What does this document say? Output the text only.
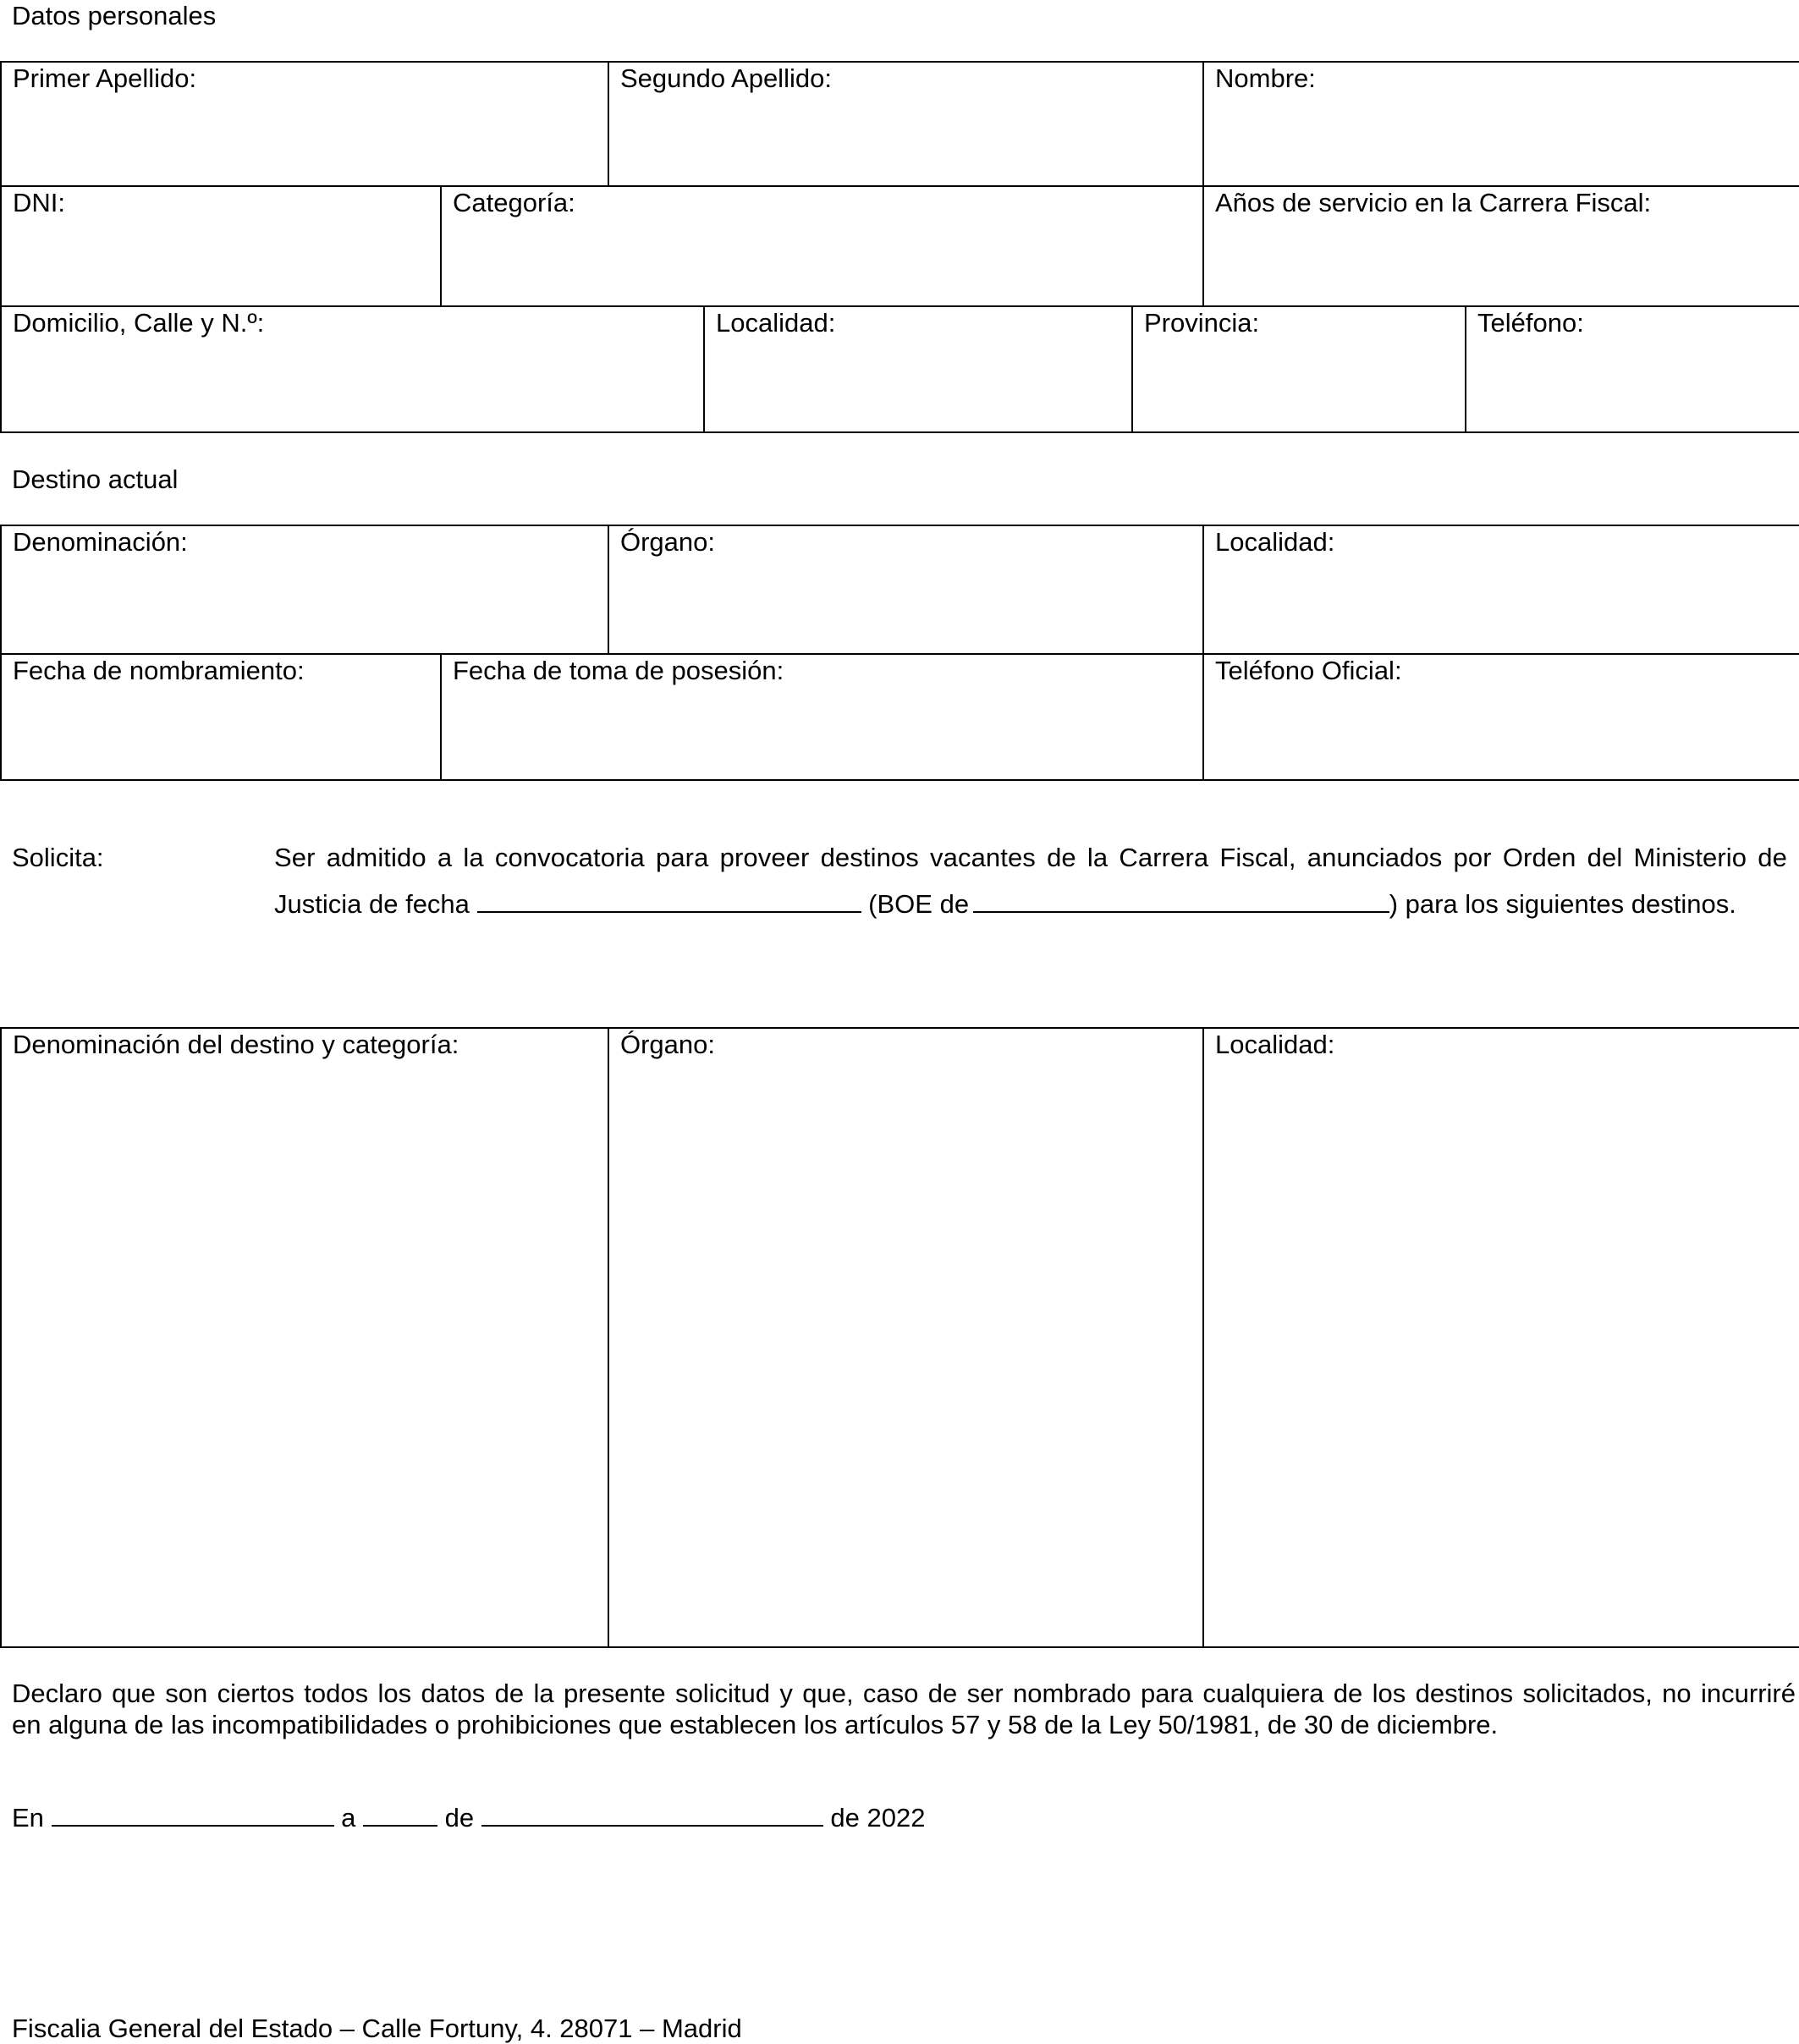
Datos personales
Primer Apellido:	Segundo Apellido:	Nombre:
DNI:	Categoría:	Años de servicio en la Carrera Fiscal:
Domicilio, Calle y N.º:	Localidad:	Provincia:	Teléfono:
Destino actual
Denominación:	Órgano:	Localidad:
Fecha de nombramiento:	Fecha de toma de posesión:	Teléfono Oficial:
Solicita:	Ser admitido a la convocatoria para proveer destinos vacantes de la Carrera Fiscal, anunciados por Orden del Ministerio de
Justicia de fecha	(BOE de	) para los siguientes destinos.
Denominación del destino y categoría:	Órgano:	Localidad:
Declaro que son ciertos todos los datos de la presente solicitud y que, caso de ser nombrado para cualquiera de los destinos solicitados, no incurriré
en alguna de las incompatibilidades o prohibiciones que establecen los artículos 57 y 58 de la Ley 50/1981, de 30 de diciembre.
En	a	de	de 2022
Fiscalia General del Estado – Calle Fortuny, 4. 28071 – Madrid
